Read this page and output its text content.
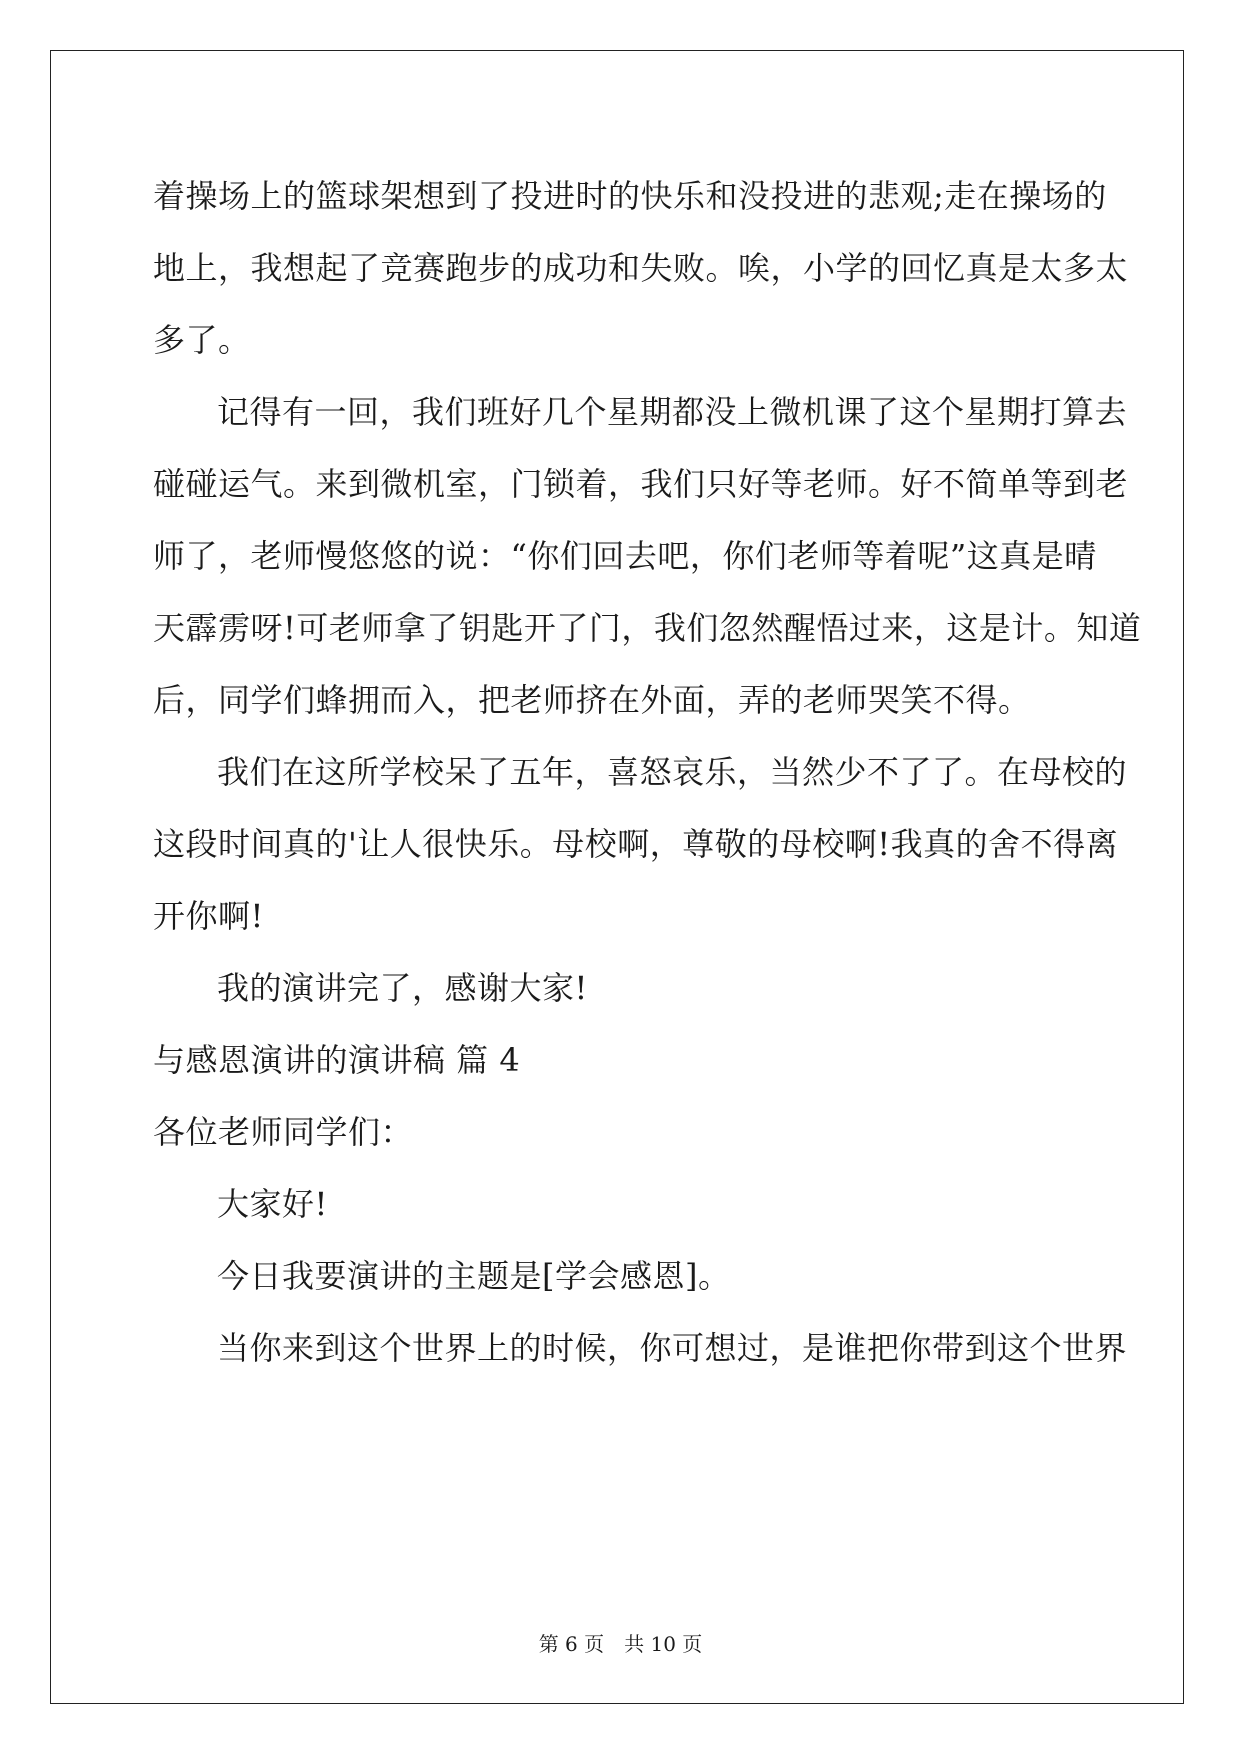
着操场上的篮球架想到了投进时的快乐和没投进的悲观;走在操场的
地上，我想起了竞赛跑步的成功和失败。唉，小学的回忆真是太多太
多了。
记得有一回，我们班好几个星期都没上微机课了这个星期打算去
碰碰运气。来到微机室，门锁着，我们只好等老师。好不简单等到老
师了，老师慢悠悠的说：“你们回去吧，你们老师等着呢”这真是晴
天霹雳呀!可老师拿了钥匙开了门，我们忽然醒悟过来，这是计。知道
后，同学们蜂拥而入，把老师挤在外面，弄的老师哭笑不得。
我们在这所学校呆了五年，喜怒哀乐，当然少不了了。在母校的
这段时间真的'让人很快乐。母校啊，尊敬的母校啊!我真的舍不得离
开你啊!
我的演讲完了，感谢大家!
与感恩演讲的演讲稿 篇 4
各位老师同学们：
大家好!
今日我要演讲的主题是[学会感恩]。
当你来到这个世界上的时候，你可想过，是谁把你带到这个世界
第 6 页　共 10 页
